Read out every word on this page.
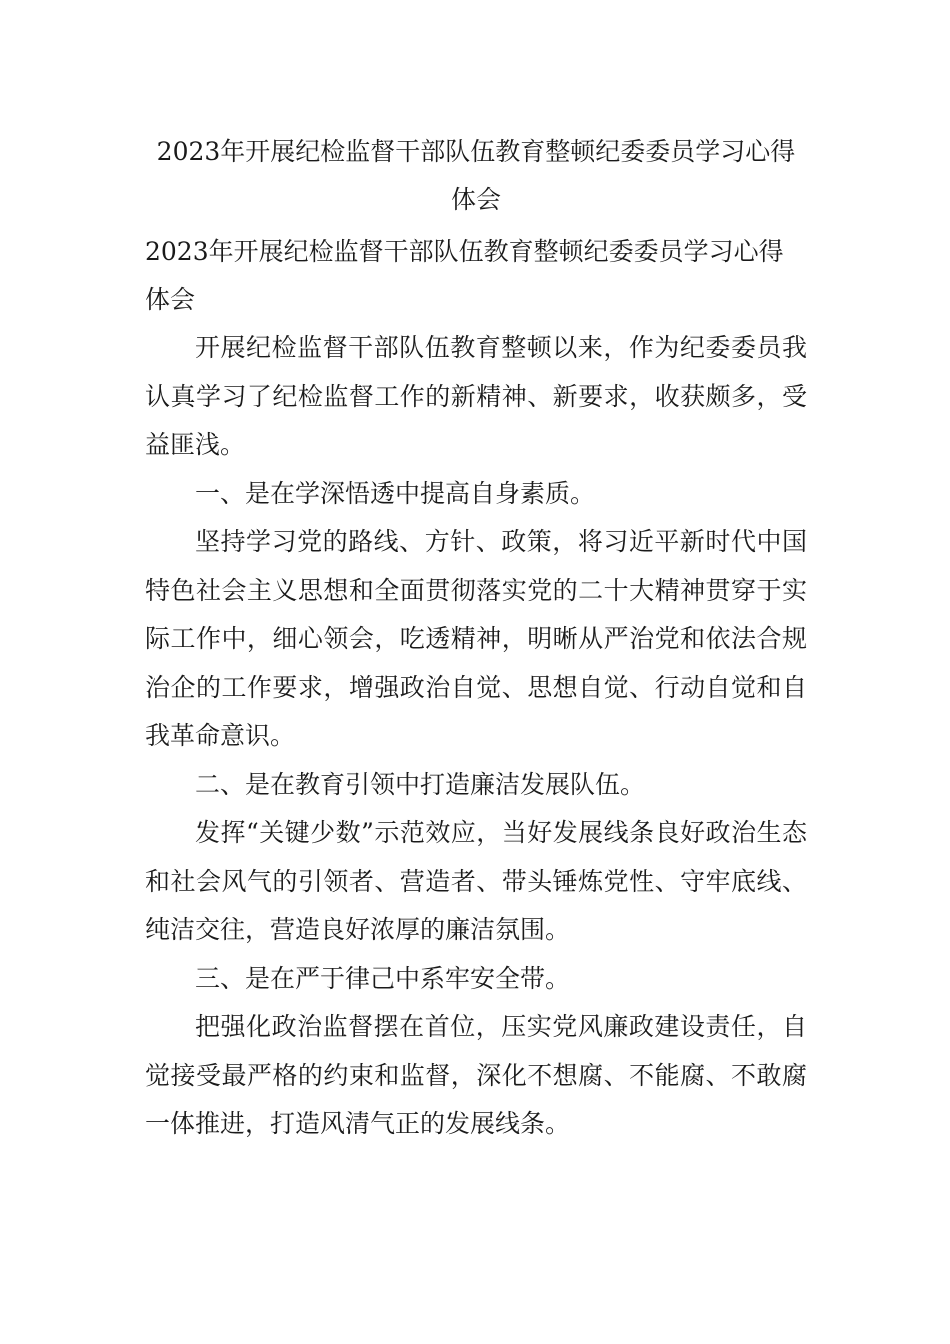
2023年开展纪检监督干部队伍教育整顿纪委委员学习心得体会

2023年开展纪检监督干部队伍教育整顿纪委委员学习心得体会

开展纪检监督干部队伍教育整顿以来，作为纪委委员我认真学习了纪检监督工作的新精神、新要求，收获颇多，受益匪浅。

一、是在学深悟透中提高自身素质。

坚持学习党的路线、方针、政策，将习近平新时代中国特色社会主义思想和全面贯彻落实党的二十大精神贯穿于实际工作中，细心领会，吃透精神，明晰从严治党和依法合规治企的工作要求，增强政治自觉、思想自觉、行动自觉和自我革命意识。

二、是在教育引领中打造廉洁发展队伍。

发挥“关键少数”示范效应，当好发展线条良好政治生态和社会风气的引领者、营造者、带头锤炼党性、守牢底线、纯洁交往，营造良好浓厚的廉洁氛围。

三、是在严于律己中系牢安全带。

把强化政治监督摆在首位，压实党风廉政建设责任，自觉接受最严格的约束和监督，深化不想腐、不能腐、不敢腐一体推进，打造风清气正的发展线条。
